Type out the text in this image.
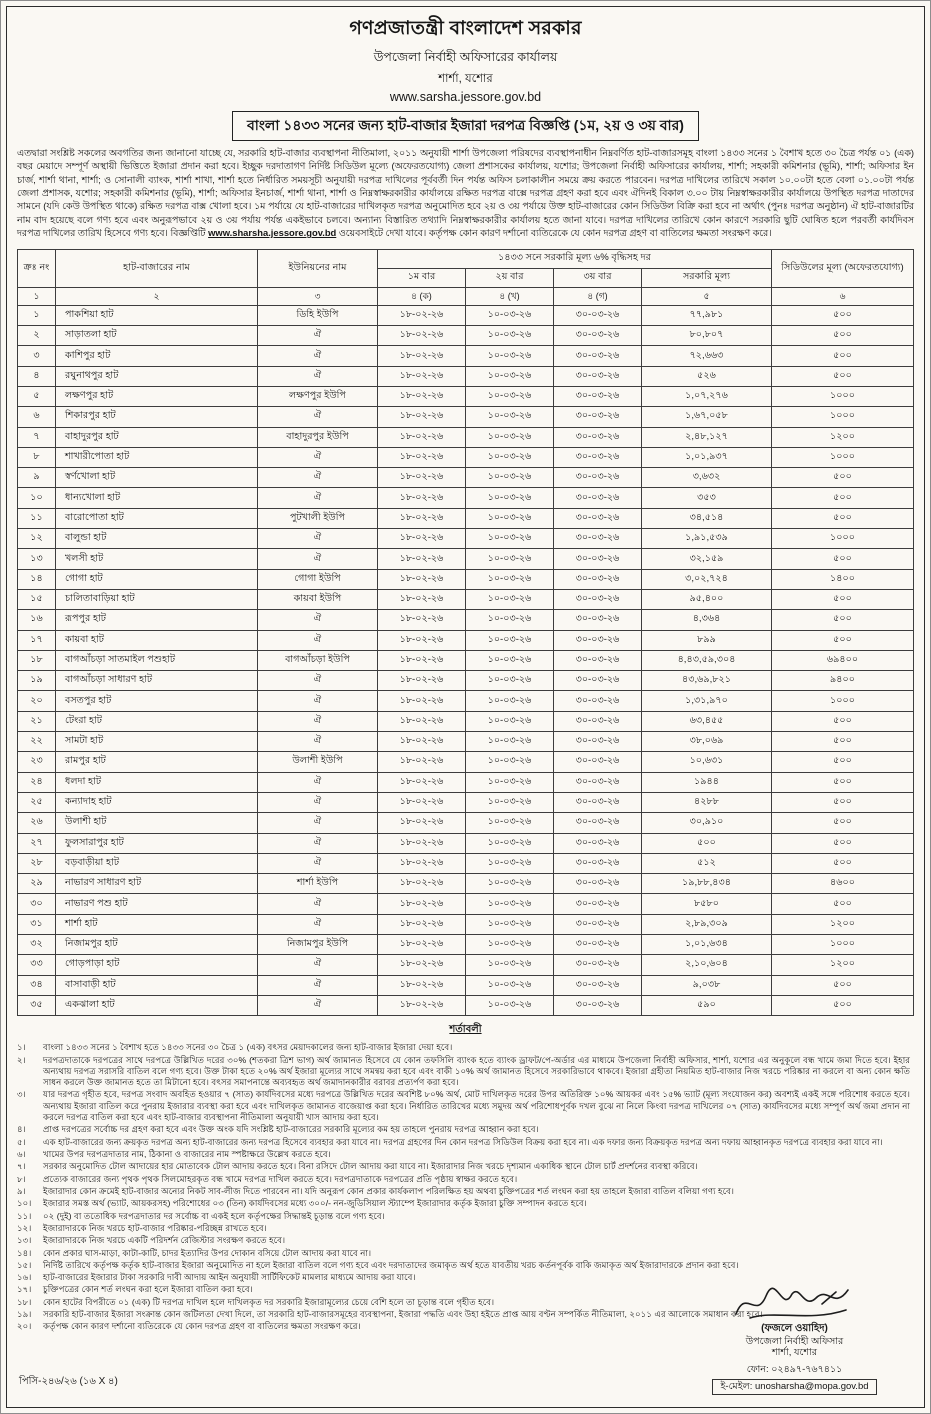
গণপ্রজাতন্ত্রী বাংলাদেশ সরকার
উপজেলা নির্বাহী অফিসারের কার্যালয়
শার্শা, যশোর
www.sarsha.jessore.gov.bd
বাংলা ১৪৩৩ সনের জন্য হাট-বাজার ইজারা দরপত্র বিজ্ঞপ্তি (১ম, ২য় ও ৩য় বার)

এতদ্বারা সংশ্লিষ্ট সকলের অবগতির জন্য জানানো যাচ্ছে যে, সরকারি হাট-বাজার ব্যবস্থাপনা নীতিমালা, ২০১১ অনুযায়ী শার্শা উপজেলা পরিষদের ব্যবস্থাপনাধীন নিম্নবর্ণিত হাট-বাজারসমূহ বাংলা ১৪৩৩ সনের ১ বৈশাখ হতে ৩০ চৈত্র পর্যন্ত ০১ (এক) বছর মেয়াদে সম্পূর্ণ অস্থায়ী ভিত্তিতে ইজারা প্রদান করা হবে। ইচ্ছুক দরদাতাগণ নির্দিষ্ট সিডিউল মূল্যে (অফেরতযোগ্য) জেলা প্রশাসকের কার্যালয়, যশোর; উপজেলা নির্বাহী অফিসারের কার্যালয়, শার্শা; সহকারী কমিশনার (ভূমি), শার্শা; অফিসার ইন চার্জ, শার্শা থানা, শার্শা; ও সোনালী ব্যাংক, শার্শা শাখা, শার্শা হতে নির্ধারিত সময়সূচী অনুযায়ী দরপত্র দাখিলের পূর্ববর্তী দিন পর্যন্ত অফিস চলাকালীন সময়ে ক্রয় করতে পারবেন। দরপত্র দাখিলের তারিখে সকাল ১০.০০টা হতে বেলা ০১.০০টা পর্যন্ত জেলা প্রশাসক, যশোর; সহকারী কমিশনার (ভূমি), শার্শা; অফিসার ইনচার্জ, শার্শা থানা, শার্শা ও নিম্নস্বাক্ষরকারীর কার্যালয়ে রক্ষিত দরপত্র বাক্সে দরপত্র গ্রহণ করা হবে এবং ঐদিনই বিকাল ৩.০০ টায় নিম্নস্বাক্ষরকারীর কার্যালয়ে উপস্থিত দরপত্র দাতাদের সামনে (যদি কেউ উপস্থিত থাকে) রক্ষিত দরপত্র বাক্স খোলা হবে। ১ম পর্যায়ে যে হাট-বাজারের দাখিলকৃত দরপত্র অনুমোদিত হবে ২য় ও ৩য় পর্যায়ে উক্ত হাট-বাজারের কোন সিডিউল বিক্রি করা হবে না অর্থাৎ (পুনঃ দরপত্র অনুষ্ঠান) ঐ হাট-বাজারটির নাম বাদ হয়েছে বলে গণ্য হবে এবং অনুরূপভাবে ২য় ও ৩য় পর্যায় পর্যন্ত একইভাবে চলবে। অন্যান্য বিস্তারিত তথ্যাদি নিম্নস্বাক্ষরকারীর কার্যালয় হতে জানা যাবে। দরপত্র দাখিলের তারিখে কোন কারণে সরকারি ছুটি ঘোষিত হলে পরবর্তী কার্যদিবস দরপত্র দাখিলের তারিখ হিসেবে গণ্য হবে। বিজ্ঞপ্তিটি www.sharsha.jessore.gov.bd ওয়েবসাইটে দেখা যাবে। কর্তৃপক্ষ কোন কারণ দর্শানো ব্যতিরেকে যে কোন দরপত্র গ্রহণ বা বাতিলের ক্ষমতা সংরক্ষণ করে।

ক্রঃ নং	হাট-বাজারের নাম	ইউনিয়নের নাম	১৪৩৩ সনে সরকারি মূল্য ৬% বৃদ্ধিসহ দর				সিডিউলের মূল্য (অফেরতযোগ্য)
			১ম বার	২য় বার	৩য় বার	সরকারি মূল্য	
১	২	৩	৪ (ক)	৪ (খ)	৪ (গ)	৫	৬
১	পাকশিয়া হাট	ডিহি ইউপি	১৮-০২-২৬	১০-০৩-২৬	৩০-০৩-২৬	৭৭,৯৮১	৫০০
২	সাড়াতলা হাট	ঐ	১৮-০২-২৬	১০-০৩-২৬	৩০-০৩-২৬	৮০,৮০৭	৫০০
৩	কাশিপুর হাট	ঐ	১৮-০২-২৬	১০-০৩-২৬	৩০-০৩-২৬	৭২,৬৬৩	৫০০
৪	রঘুনাথপুর হাট	ঐ	১৮-০২-২৬	১০-০৩-২৬	৩০-০৩-২৬	৫২৬	৫০০
৫	লক্ষণপুর হাট	লক্ষণপুর ইউপি	১৮-০২-২৬	১০-০৩-২৬	৩০-০৩-২৬	১,০৭,২৭৬	১০০০
৬	শিকারপুর হাট	ঐ	১৮-০২-২৬	১০-০৩-২৬	৩০-০৩-২৬	১,৬৭,০৫৮	১০০০
৭	বাহাদুরপুর হাট	বাহাদুরপুর ইউপি	১৮-০২-২৬	১০-০৩-২৬	৩০-০৩-২৬	২,৪৮,১২৭	১২০০
৮	শাখারীপোতা হাট	ঐ	১৮-০২-২৬	১০-০৩-২৬	৩০-০৩-২৬	১,০১,৯৩৭	১০০০
৯	স্বর্ণখোলা হাট	ঐ	১৮-০২-২৬	১০-০৩-২৬	৩০-০৩-২৬	৩,৬৩২	৫০০
১০	ধান্যখোলা হাট	ঐ	১৮-০২-২৬	১০-০৩-২৬	৩০-০৩-২৬	৩৫৩	৫০০
১১	বারোপোতা হাট	পুটখালী ইউপি	১৮-০২-২৬	১০-০৩-২৬	৩০-০৩-২৬	৩৪,৫১৪	৫০০
১২	বালুন্ডা হাট	ঐ	১৮-০২-২৬	১০-০৩-২৬	৩০-০৩-২৬	১,৯১,৫৩৯	১০০০
১৩	খলসী হাট	ঐ	১৮-০২-২৬	১০-০৩-২৬	৩০-০৩-২৬	৩২,১৫৯	৫০০
১৪	গোগা হাট	গোগা ইউপি	১৮-০২-২৬	১০-০৩-২৬	৩০-০৩-২৬	৩,০২,৭২৪	১৪০০
১৫	চালিতাবাড়িয়া হাট	কায়বা ইউপি	১৮-০২-২৬	১০-০৩-২৬	৩০-০৩-২৬	৯৫,৪০০	৫০০
১৬	রূপপুর হাট	ঐ	১৮-০২-২৬	১০-০৩-২৬	৩০-০৩-২৬	৪,৩৬৪	৫০০
১৭	কায়বা হাট	ঐ	১৮-০২-২৬	১০-০৩-২৬	৩০-০৩-২৬	৮৯৯	৫০০
১৮	বাগআঁচড়া সাতমাইল পশুহাট	বাগআঁচড়া ইউপি	১৮-০২-২৬	১০-০৩-২৬	৩০-০৩-২৬	৪,৪৩,৫৯,৩০৪	৬৯৪০০
১৯	বাগআঁচড়া সাধারণ হাট	ঐ	১৮-০২-২৬	১০-০৩-২৬	৩০-০৩-২৬	৪৩,৬৯,৮২১	৯৪০০
২০	বসতপুর হাট	ঐ	১৮-০২-২৬	১০-০৩-২৬	৩০-০৩-২৬	১,৩১,৯৭০	১০০০
২১	টেংরা হাট	ঐ	১৮-০২-২৬	১০-০৩-২৬	৩০-০৩-২৬	৬৩,৪৫৫	৫০০
২২	সামটা হাট	ঐ	১৮-০২-২৬	১০-০৩-২৬	৩০-০৩-২৬	৩৮,০৬৯	৫০০
২৩	রামপুর হাট	উলাশী ইউপি	১৮-০২-২৬	১০-০৩-২৬	৩০-০৩-২৬	১০,৬৩১	৫০০
২৪	ধলদা হাট	ঐ	১৮-০২-২৬	১০-০৩-২৬	৩০-০৩-২৬	১৯৪৪	৫০০
২৫	কন্যাদাহ হাট	ঐ	১৮-০২-২৬	১০-০৩-২৬	৩০-০৩-২৬	৪২৮৮	৫০০
২৬	উলাশী হাট	ঐ	১৮-০২-২৬	১০-০৩-২৬	৩০-০৩-২৬	৩০,৯১০	৫০০
২৭	ফুলসারাপুর হাট	ঐ	১৮-০২-২৬	১০-০৩-২৬	৩০-০৩-২৬	৫০০	৫০০
২৮	বড়বাড়ীয়া হাট	ঐ	১৮-০২-২৬	১০-০৩-২৬	৩০-০৩-২৬	৫১২	৫০০
২৯	নাভারণ সাধারণ হাট	শার্শা ইউপি	১৮-০২-২৬	১০-০৩-২৬	৩০-০৩-২৬	১৯,৮৮,৪৩৪	৪৬০০
৩০	নাভারণ পশু হাট	ঐ	১৮-০২-২৬	১০-০৩-২৬	৩০-০৩-২৬	৮৫৮০	৫০০
৩১	শার্শা হাট	ঐ	১৮-০২-২৬	১০-০৩-২৬	৩০-০৩-২৬	২,৮৯,৩০৯	১২০০
৩২	নিজামপুর হাট	নিজামপুর ইউপি	১৮-০২-২৬	১০-০৩-২৬	৩০-০৩-২৬	১,০১,৬৩৪	১০০০
৩৩	গোড়পাড়া হাট	ঐ	১৮-০২-২৬	১০-০৩-২৬	৩০-০৩-২৬	২,১০,৬০৪	১২০০
৩৪	বাসাবাড়ী হাট	ঐ	১৮-০২-২৬	১০-০৩-২৬	৩০-০৩-২৬	৯,০৩৮	৫০০
৩৫	একঝালা হাট	ঐ	১৮-০২-২৬	১০-০৩-২৬	৩০-০৩-২৬	৫৯০	৫০০
শর্তাবলী
১।	বাংলা ১৪৩৩ সনের ১ বৈশাখ হতে ১৪৩৩ সনের ৩০ চৈত্র ১ (এক) বৎসর মেয়াদকালের জন্য হাট-বাজার ইজারা দেয়া হবে।
২।	দরপত্রদাতাকে দরপত্রের সাথে দরপত্রে উল্লিখিত দরের ৩০% (শতকরা ত্রিশ ভাগ) অর্থ জামানত হিসেবে যে কোন তফসিলি ব্যাংক হতে ব্যাংক ড্রাফট/পে-অর্ডার এর মাধ্যমে উপজেলা নির্বাহী অফিসার, শার্শা, যশোর এর অনুকূলে বন্ধ খামে জমা দিতে হবে। ইহার অন্যথায় দরপত্র সরাসরি বাতিল বলে গণ্য হবে। উক্ত টাকা হতে ২০% অর্থ ইজারা মূল্যের সাথে সমন্বয় করা হবে এবং বাকী ১০% অর্থ জামানত হিসেবে সরকারিভাবে থাকবে। ইজারা গ্রহীতা নিয়মিত হাট-বাজার নিজ খরচে পরিষ্কার না করলে বা অন্য কোন ক্ষতি সাধন করলে উক্ত জামানত হতে তা মিটানো হবে। বৎসর সমাপনান্তে অব্যবহৃত অর্থ জমাদানকারীর বরাবর প্রত্যর্পণ করা হবে।
৩।	যার দরপত্র গৃহীত হবে, দরপত্র সংবাদ অবহিত হওয়ার ৭ (সাত) কার্যদিবসের মধ্যে দরপত্রে উল্লিখিত দরের অবশিষ্ট ৮০% অর্থ, মোট দাখিলকৃত দরের উপর অতিরিক্ত ১০% আয়কর এবং ১৫% ভ্যাট (মূল্য সংযোজন কর) অবশ্যই একই সঙ্গে পরিশোধ করতে হবে। অন্যথায় ইজারা বাতিল করে পুনরায় ইজারার ব্যবস্থা করা হবে এবং দাখিলকৃত জামানত বাজেয়াপ্ত করা হবে। নির্ধারিত তারিখের মধ্যে সমুদয় অর্থ পরিশোধপূর্বক দখল বুঝে না নিলে কিংবা দরপত্র দাখিলের ০৭ (সাত) কার্যদিবসের মধ্যে সম্পূর্ণ অর্থ জমা প্রদান না করলে দরপত্র বাতিল করা হবে এবং হাট-বাজার ব্যবস্থাপনা নীতিমালা অনুযায়ী খাস আদায় করা হবে।
৪।	প্রাপ্ত দরপত্রের সর্বোচ্চ দর গ্রহণ করা হবে এবং উক্ত অংক যদি সংশ্লিষ্ট হাট-বাজারের সরকারি মূল্যের কম হয় তাহলে পুনরায় দরপত্র আহ্বান করা হবে।
৫।	এক হাট-বাজারের জন্য ক্রয়কৃত দরপত্র অন্য হাট-বাজারের জন্য দরপত্র হিসেবে ব্যবহার করা যাবে না। দরপত্র গ্রহণের দিন কোন দরপত্র সিডিউল বিক্রয় করা হবে না। এক দফার জন্য বিক্রয়কৃত দরপত্র অন্য দফায় আহ্বানকৃত দরপত্রে ব্যবহার করা যাবে না।
৬।	খামের উপর দরপত্রদাতার নাম, ঠিকানা ও বাজারের নাম স্পষ্টাক্ষরে উল্লেখ করতে হবে।
৭।	সরকার অনুমোদিত টোল আদায়ের হার মোতাবেক টোল আদায় করতে হবে। বিনা রসিদে টোল আদায় করা যাবে না। ইজারাদার নিজ খরচে দৃশ্যমান একাধিক স্থানে টোল চার্ট প্রদর্শনের ব্যবস্থা করিবে।
৮।	প্রত্যেক বাজারের জন্য পৃথক পৃথক সিলমোহরকৃত বন্ধ খামে দরপত্র দাখিল করতে হবে। দরপত্রদাতাকে দরপত্রের প্রতি পৃষ্ঠায় স্বাক্ষর করতে হবে।
৯।	ইজারাদার কোন ক্রমেই হাট-বাজার অন্যের নিকট সাব-লীজ দিতে পারবেন না। যদি অনুরূপ কোন প্রকার কার্যকলাপ পরিলক্ষিত হয় অথবা চুক্তিপত্রের শর্ত লংঘন করা হয় তাহলে ইজারা বাতিল বলিয়া গণ্য হবে।
১০।	ইজারার সমস্ত অর্থ (ভ্যাট, আয়করসহ) পরিশোধের ০৩ (তিন) কার্যদিবসের মধ্যে ৩০০/- নন-জুডিসিয়াল স্ট্যাম্পে ইজারাদার কর্তৃক ইজারা চুক্তি সম্পাদন করতে হবে।
১১।	০২ (দুই) বা ততোধিক দরপত্রদাতার দর সর্বোচ্চ বা একই হলে কর্তৃপক্ষের সিদ্ধান্তই চূড়ান্ত বলে গণ্য হবে।
১২।	ইজারাদারকে নিজ খরচে হাট-বাজার পরিষ্কার-পরিচ্ছন্ন রাখতে হবে।
১৩।	ইজারাদারকে নিজ খরচে একটি পরিদর্শন রেজিস্টার সংরক্ষণ করতে হবে।
১৪।	কোন প্রকার ঘাস-মাড়া, কাটা-কাটি, চাদর ইত্যাদির উপর দোকান বসিয়ে টোল আদায় করা যাবে না।
১৫।	নির্দিষ্ট তারিখে কর্তৃপক্ষ কর্তৃক হাট-বাজার ইজারা অনুমোদিত না হলে ইজারা বাতিল বলে গণ্য হবে এবং দরদাতাদের জমাকৃত অর্থ হতে যাবতীয় খরচ কর্তনপূর্বক বাকি জমাকৃত অর্থ ইজারাদারকে প্রদান করা হবে।
১৬।	হাট-বাজারের ইজারার টাকা সরকারি দাবী আদায় আইন অনুযায়ী সার্টিফিকেট মামলার মাধ্যমে আদায় করা যাবে।
১৭।	চুক্তিপত্রের কোন শর্ত লংঘন করা হলে ইজারা বাতিল করা হবে।
১৮।	কোন হাটের বিপরীতে ০১ (এক) টি দরপত্র দাখিল হলে দাখিলকৃত দর সরকারি ইজারামূল্যের চেয়ে বেশি হলে তা চূড়ান্ত বলে গৃহীত হবে।
১৯।	সরকারি হাট-বাজার ইজারা সংক্রান্ত কোন জটিলতা দেখা দিলে, তা সরকারি হাট-বাজারসমূহের ব্যবস্থাপনা, ইজারা পদ্ধতি এবং উহা হইতে প্রাপ্ত আয় বণ্টন সম্পর্কিত নীতিমালা, ২০১১ এর আলোকে সমাধান করা হবে।
২০।	কর্তৃপক্ষ কোন কারণ দর্শানো ব্যতিরেকে যে কোন দরপত্র গ্রহণ বা বাতিলের ক্ষমতা সংরক্ষণ করে।	(ফজলে ওয়াহিদ)
উপজেলা নির্বাহী অফিসার
শার্শা, যশোর
ফোন: ০২৪৯৭-৭৬৭৪১১
ই-মেইল: unosharsha@mopa.gov.bd
পিসি-২৪৬/২৬ (১৬ X ৪)
